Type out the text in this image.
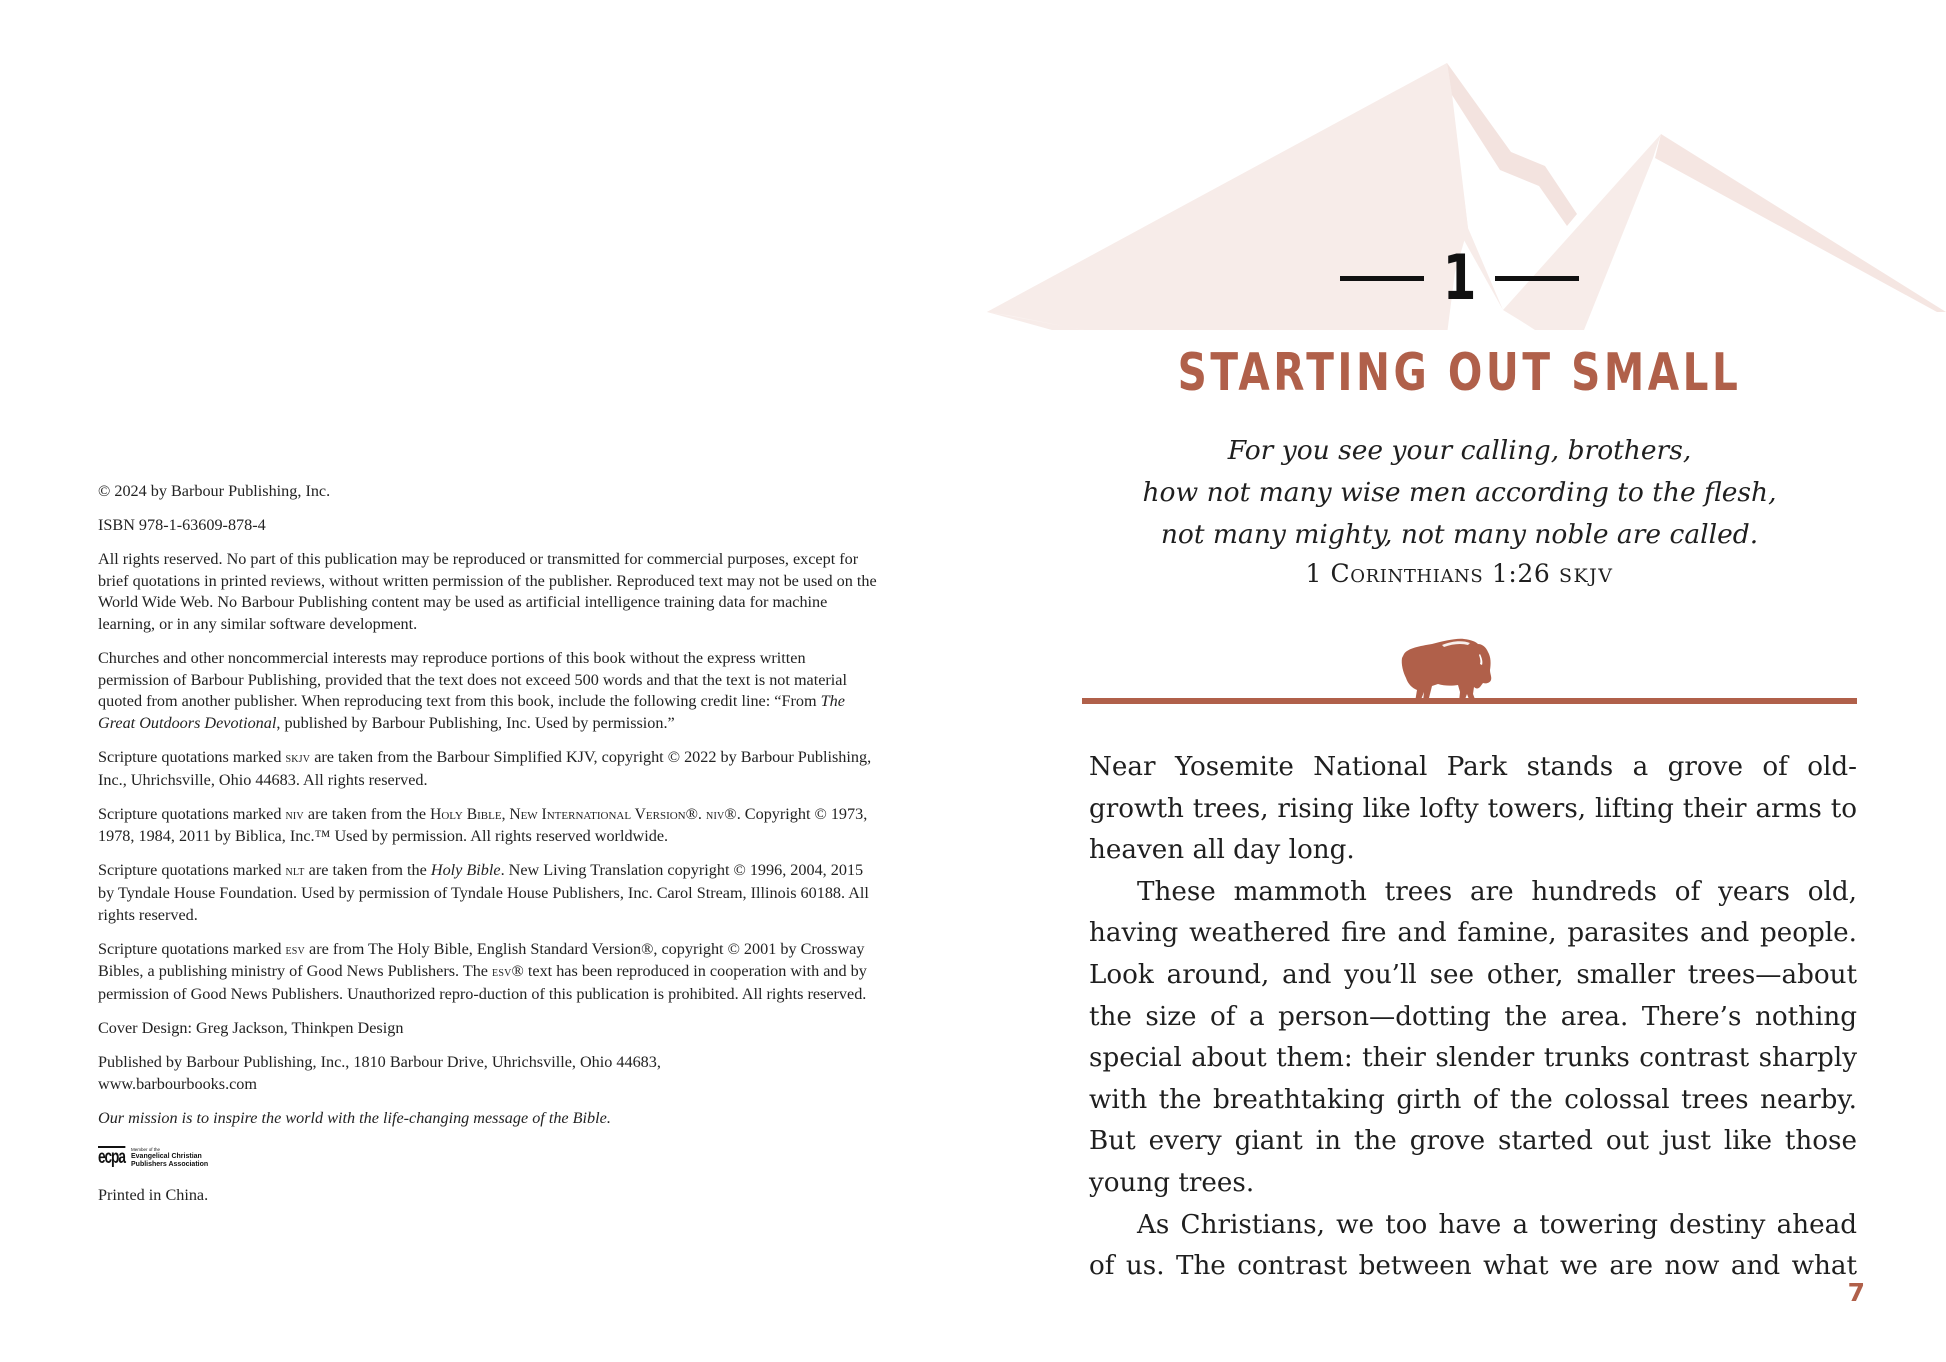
© 2024 by Barbour Publishing, Inc.

ISBN 978-1-63609-878-4

All rights reserved. No part of this publication may be reproduced or transmitted for commercial purposes, except for brief quotations in printed reviews, without written permission of the publisher. Reproduced text may not be used on the World Wide Web. No Barbour Publishing content may be used as artificial intelligence training data for machine learning, or in any similar software development.

Churches and other noncommercial interests may reproduce portions of this book without the express written permission of Barbour Publishing, provided that the text does not exceed 500 words and that the text is not material quoted from another publisher. When reproducing text from this book, include the following credit line: “From The Great Outdoors Devotional, published by Barbour Publishing, Inc. Used by permission.”

Scripture quotations marked skjv are taken from the Barbour Simplified KJV, copyright © 2022 by Barbour Publishing, Inc., Uhrichsville, Ohio 44683. All rights reserved.

Scripture quotations marked niv are taken from the Holy Bible, New International Version®. niv®. Copyright © 1973, 1978, 1984, 2011 by Biblica, Inc.™ Used by permission. All rights reserved worldwide.

Scripture quotations marked nlt are taken from the Holy Bible. New Living Translation copyright © 1996, 2004, 2015 by Tyndale House Foundation. Used by permission of Tyndale House Publishers, Inc. Carol Stream, Illinois 60188. All rights reserved.

Scripture quotations marked esv are from The Holy Bible, English Standard Version®, copyright © 2001 by Crossway Bibles, a publishing ministry of Good News Publishers. The esv® text has been reproduced in cooperation with and by permission of Good News Publishers. Unauthorized repro-duction of this publication is prohibited. All rights reserved.

Cover Design: Greg Jackson, Thinkpen Design

Published by Barbour Publishing, Inc., 1810 Barbour Drive, Uhrichsville, Ohio 44683,
www.barbourbooks.com

Our mission is to inspire the world with the life-changing message of the Bible.

ecpa Member of the
Evangelical Christian
Publishers Association

Printed in China.

1
STARTING OUT SMALL
For you see your calling, brothers,
how not many wise men according to the flesh,
not many mighty, not many noble are called.
1 Corinthians 1:26 SKJV

Near Yosemite National Park stands a grove of old-growth trees, rising like lofty towers, lifting their arms to heaven all day long.

These mammoth trees are hundreds of years old, having weathered fire and famine, parasites and people. Look around, and you’ll see other, smaller trees—about the size of a person—dotting the area. There’s nothing special about them: their slender trunks contrast sharply with the breathtaking girth of the colossal trees nearby. But every giant in the grove started out just like those young trees.

As Christians, we too have a towering destiny ahead of us. The contrast between what we are now and what

7
